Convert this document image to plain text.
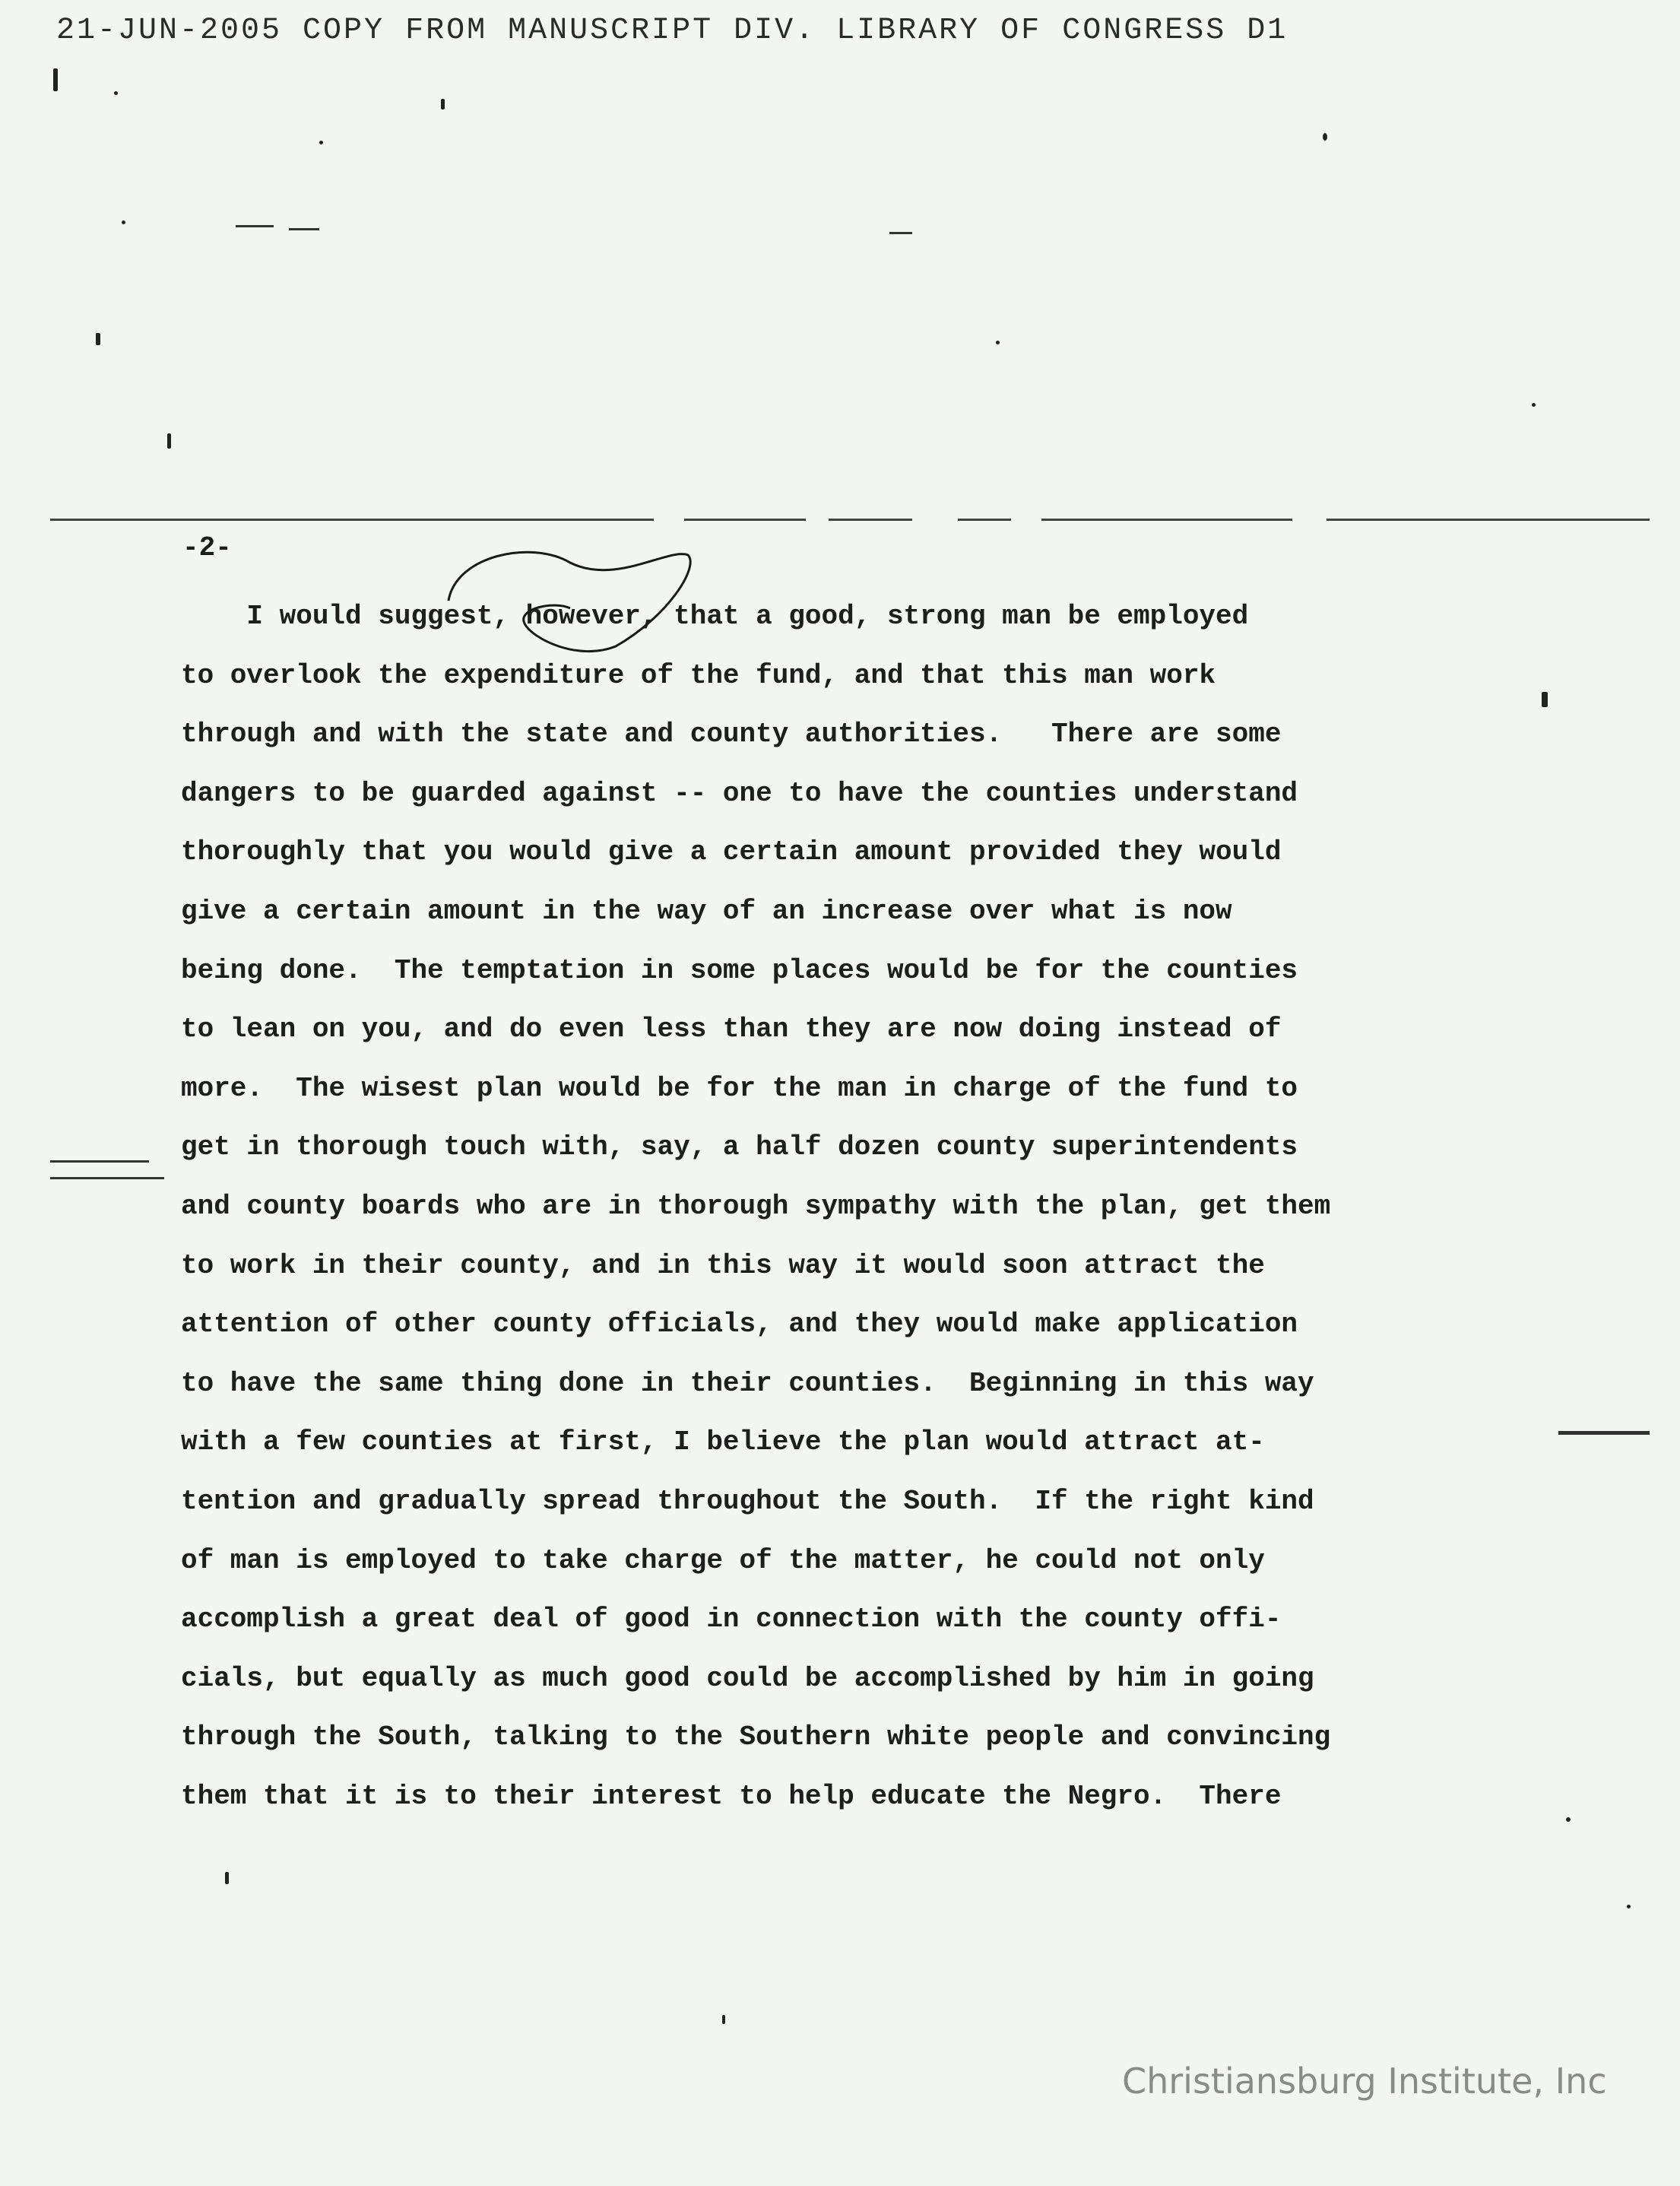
21-JUN-2005 COPY FROM MANUSCRIPT DIV. LIBRARY OF CONGRESS D1
-2-
I would suggest, however, that a good, strong man be employed
to overlook the expenditure of the fund, and that this man work
through and with the state and county authorities.   There are some
dangers to be guarded against -- one to have the counties understand
thoroughly that you would give a certain amount provided they would
give a certain amount in the way of an increase over what is now
being done.  The temptation in some places would be for the counties
to lean on you, and do even less than they are now doing instead of
more.  The wisest plan would be for the man in charge of the fund to
get in thorough touch with, say, a half dozen county superintendents
and county boards who are in thorough sympathy with the plan, get them
to work in their county, and in this way it would soon attract the
attention of other county officials, and they would make application
to have the same thing done in their counties.  Beginning in this way
with a few counties at first, I believe the plan would attract at-
tention and gradually spread throughout the South.  If the right kind
of man is employed to take charge of the matter, he could not only
accomplish a great deal of good in connection with the county offi-
cials, but equally as much good could be accomplished by him in going
through the South, talking to the Southern white people and convincing
them that it is to their interest to help educate the Negro.  There
Christiansburg Institute, Inc
